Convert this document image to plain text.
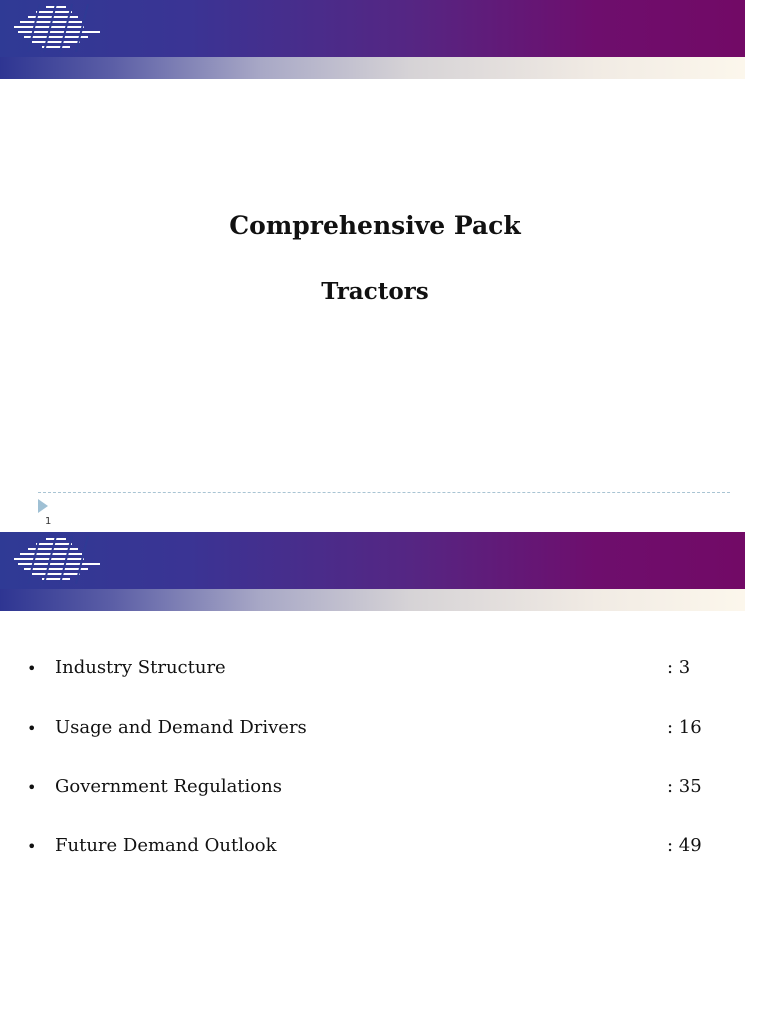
Comprehensive Pack
Tractors
1
• Industry Structure	: 3
• Usage and Demand Drivers	: 16
• Government Regulations	: 35
• Future Demand Outlook	: 49
